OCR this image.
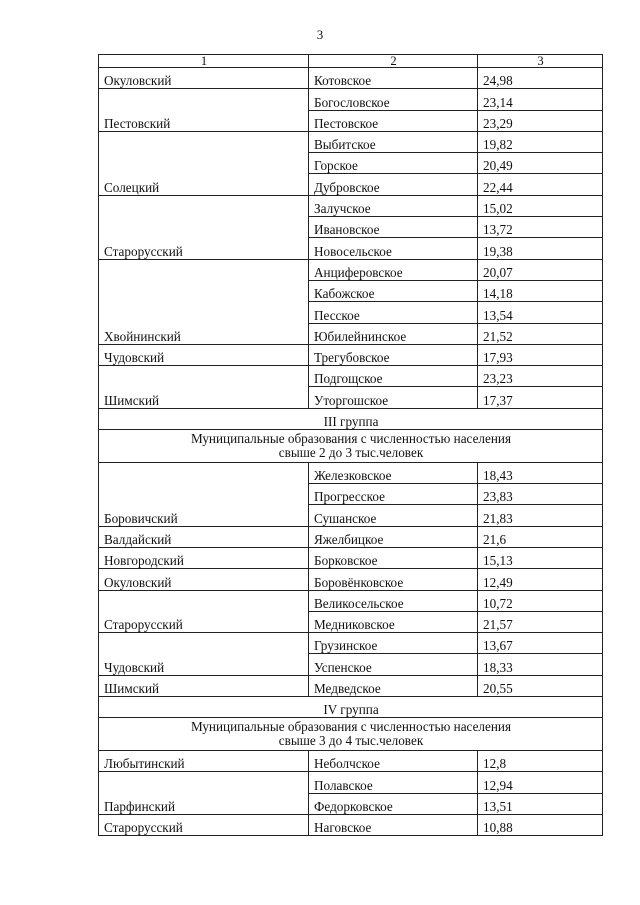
3
1	2	3
Окуловский	Котовское	24,98
Пестовский	Богословское	23,14
	Пестовское	23,29
Солецкий	Выбитское	19,82
	Горское	20,49
	Дубровское	22,44
Старорусский	Залучское	15,02
	Ивановское	13,72
	Новосельское	19,38
Хвойнинский	Анциферовское	20,07
	Кабожское	14,18
	Песское	13,54
	Юбилейнинское	21,52
Чудовский	Трегубовское	17,93
Шимский	Подгощское	23,23
	Уторгошское	17,37
III группа		

Муниципальные образования с численностью населения
свыше 2 до 3 тыс.человек		

Боровичский	Железковское	18,43
	Прогресское	23,83
	Сушанское	21,83
Валдайский	Яжелбицкое	21,6
Новгородский	Борковское	15,13
Окуловский	Боровёнковское	12,49
Старорусский	Великосельское	10,72
	Медниковское	21,57
Чудовский	Грузинское	13,67
	Успенское	18,33
Шимский	Медведское	20,55
IV группа		

Муниципальные образования с численностью населения
свыше 3 до 4 тыс.человек		

Любытинский	Неболчское	12,8
Парфинский	Полавское	12,94
	Федорковское	13,51
Старорусский	Наговское	10,88
